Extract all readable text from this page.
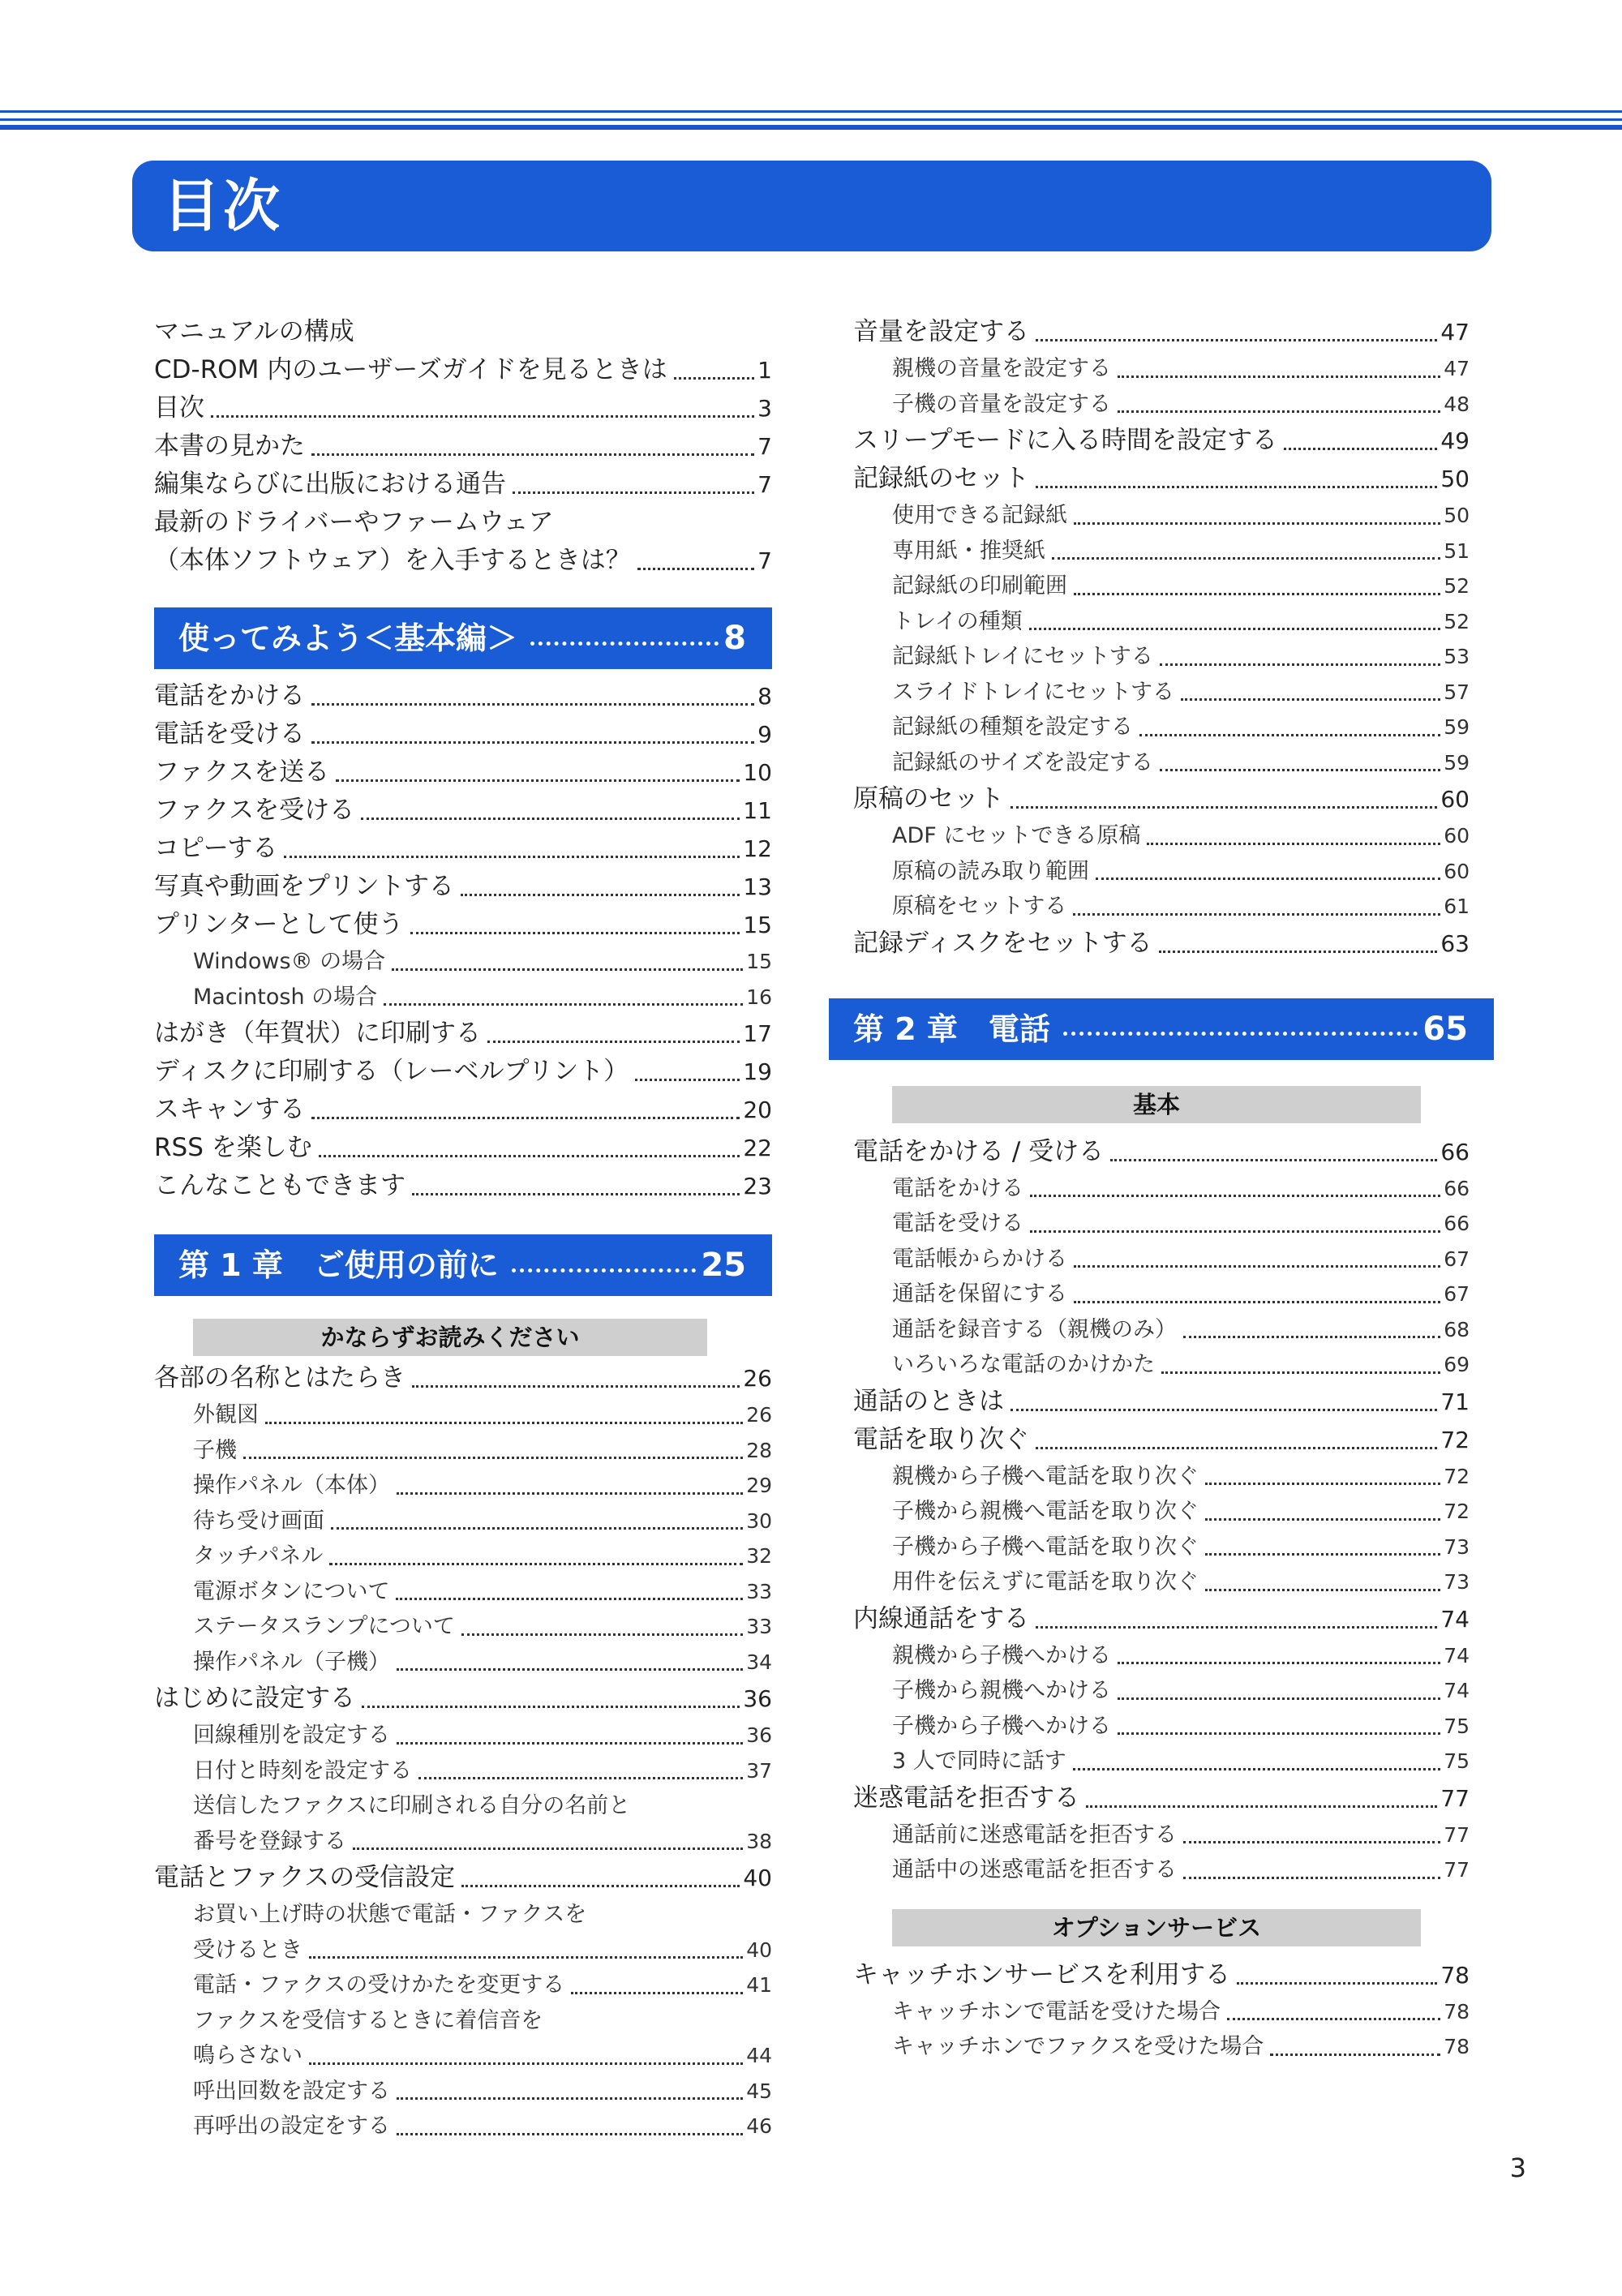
目次
マニュアルの構成
CD-ROM 内のユーザーズガイドを見るときは	1
目次	3
本書の見かた	7
編集ならびに出版における通告	7
最新のドライバーやファームウェア
（本体ソフトウェア）を入手するときは？	7
使ってみよう＜基本編＞	8
電話をかける	8
電話を受ける	9
ファクスを送る	10
ファクスを受ける	11
コピーする	12
写真や動画をプリントする	13
プリンターとして使う	15
Windows® の場合	15
Macintosh の場合	16
はがき（年賀状）に印刷する	17
ディスクに印刷する（レーベルプリント）	19
スキャンする	20
RSS を楽しむ	22
こんなこともできます	23
第 1 章　ご使用の前に	25
かならずお読みください
各部の名称とはたらき	26
外観図	26
子機	28
操作パネル（本体）	29
待ち受け画面	30
タッチパネル	32
電源ボタンについて	33
ステータスランプについて	33
操作パネル（子機）	34
はじめに設定する	36
回線種別を設定する	36
日付と時刻を設定する	37
送信したファクスに印刷される自分の名前と
番号を登録する	38
電話とファクスの受信設定	40
お買い上げ時の状態で電話・ファクスを
受けるとき	40
電話・ファクスの受けかたを変更する	41
ファクスを受信するときに着信音を
鳴らさない	44
呼出回数を設定する	45
再呼出の設定をする	46
音量を設定する	47
親機の音量を設定する	47
子機の音量を設定する	48
スリープモードに入る時間を設定する	49
記録紙のセット	50
使用できる記録紙	50
専用紙・推奨紙	51
記録紙の印刷範囲	52
トレイの種類	52
記録紙トレイにセットする	53
スライドトレイにセットする	57
記録紙の種類を設定する	59
記録紙のサイズを設定する	59
原稿のセット	60
ADF にセットできる原稿	60
原稿の読み取り範囲	60
原稿をセットする	61
記録ディスクをセットする	63
第 2 章　電話	65
基本
電話をかける / 受ける	66
電話をかける	66
電話を受ける	66
電話帳からかける	67
通話を保留にする	67
通話を録音する（親機のみ）	68
いろいろな電話のかけかた	69
通話のときは	71
電話を取り次ぐ	72
親機から子機へ電話を取り次ぐ	72
子機から親機へ電話を取り次ぐ	72
子機から子機へ電話を取り次ぐ	73
用件を伝えずに電話を取り次ぐ	73
内線通話をする	74
親機から子機へかける	74
子機から親機へかける	74
子機から子機へかける	75
3 人で同時に話す	75
迷惑電話を拒否する	77
通話前に迷惑電話を拒否する	77
通話中の迷惑電話を拒否する	77
オプションサービス
キャッチホンサービスを利用する	78
キャッチホンで電話を受けた場合	78
キャッチホンでファクスを受けた場合	78
3
